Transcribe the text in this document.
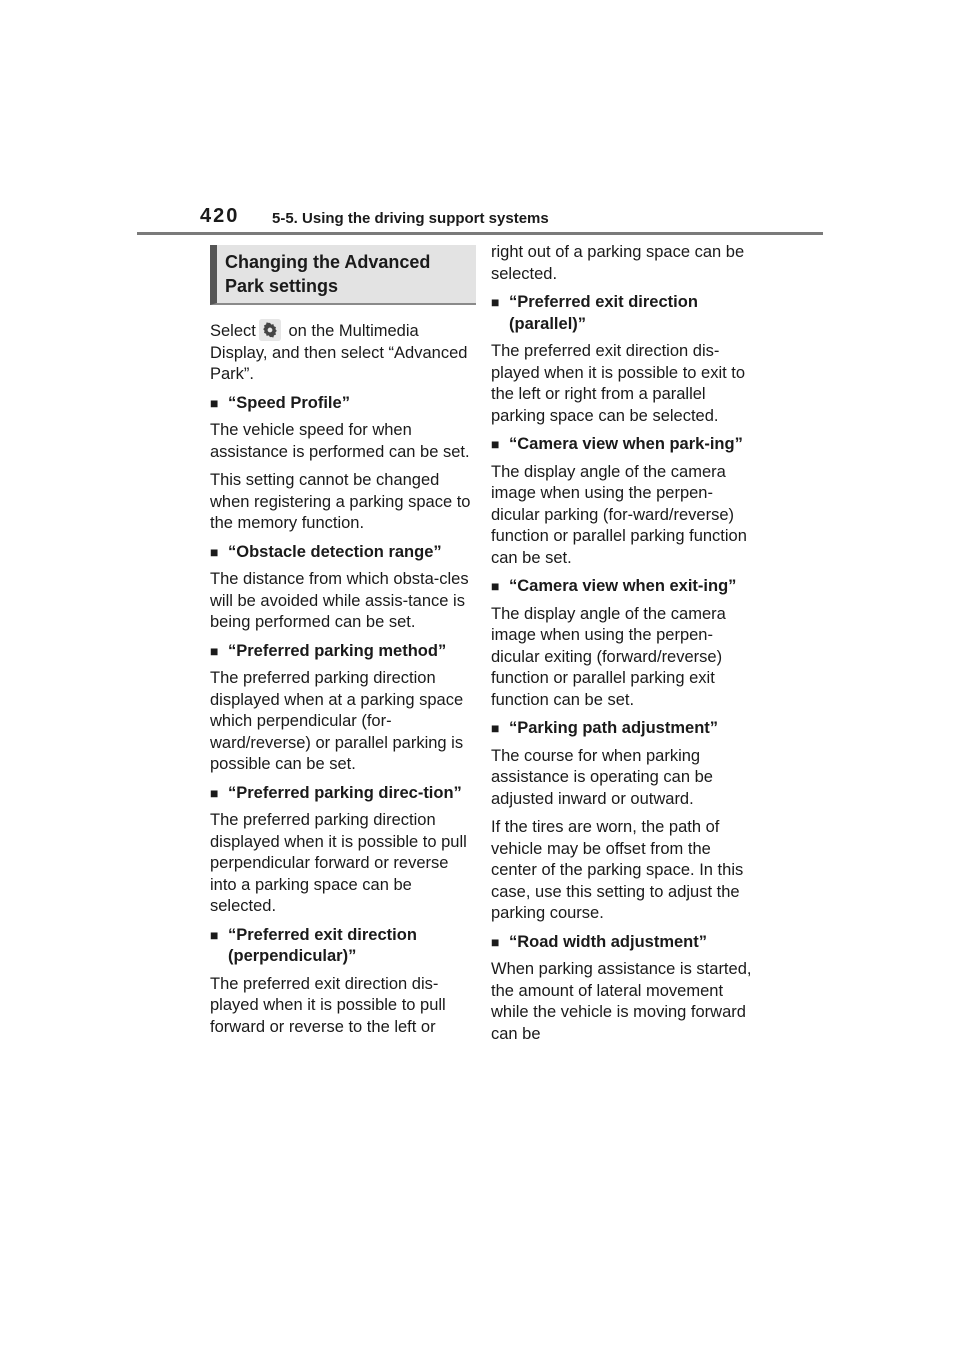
420 5-5. Using the driving support systems
Changing the Advanced
Park settings

Select on the Multimedia Display, and then select “Advanced Park”.

■ “Speed Profile”

The vehicle speed for when assistance is performed can be set.

This setting cannot be changed when registering a parking space to the memory function.

■ “Obstacle detection range”

The distance from which obsta-cles will be avoided while assis-tance is being performed can be set.

■ “Preferred parking method”

The preferred parking direction displayed when at a parking space which perpendicular (for-ward/reverse) or parallel parking is possible can be set.

■ “Preferred parking direc-tion”

The preferred parking direction displayed when it is possible to pull perpendicular forward or reverse into a parking space can be selected.

■ “Preferred exit direction (perpendicular)”

The preferred exit direction dis-played when it is possible to pull forward or reverse to the left or

right out of a parking space can be selected.

■ “Preferred exit direction (parallel)”

The preferred exit direction dis-played when it is possible to exit to the left or right from a parallel parking space can be selected.

■ “Camera view when park-ing”

The display angle of the camera image when using the perpen-dicular parking (for-ward/reverse) function or parallel parking function can be set.

■ “Camera view when exit-ing”

The display angle of the camera image when using the perpen-dicular exiting (forward/reverse) function or parallel parking exit function can be set.

■ “Parking path adjustment”

The course for when parking assistance is operating can be adjusted inward or outward.

If the tires are worn, the path of vehicle may be offset from the center of the parking space. In this case, use this setting to adjust the parking course.

■ “Road width adjustment”

When parking assistance is started, the amount of lateral movement while the vehicle is moving forward can be
